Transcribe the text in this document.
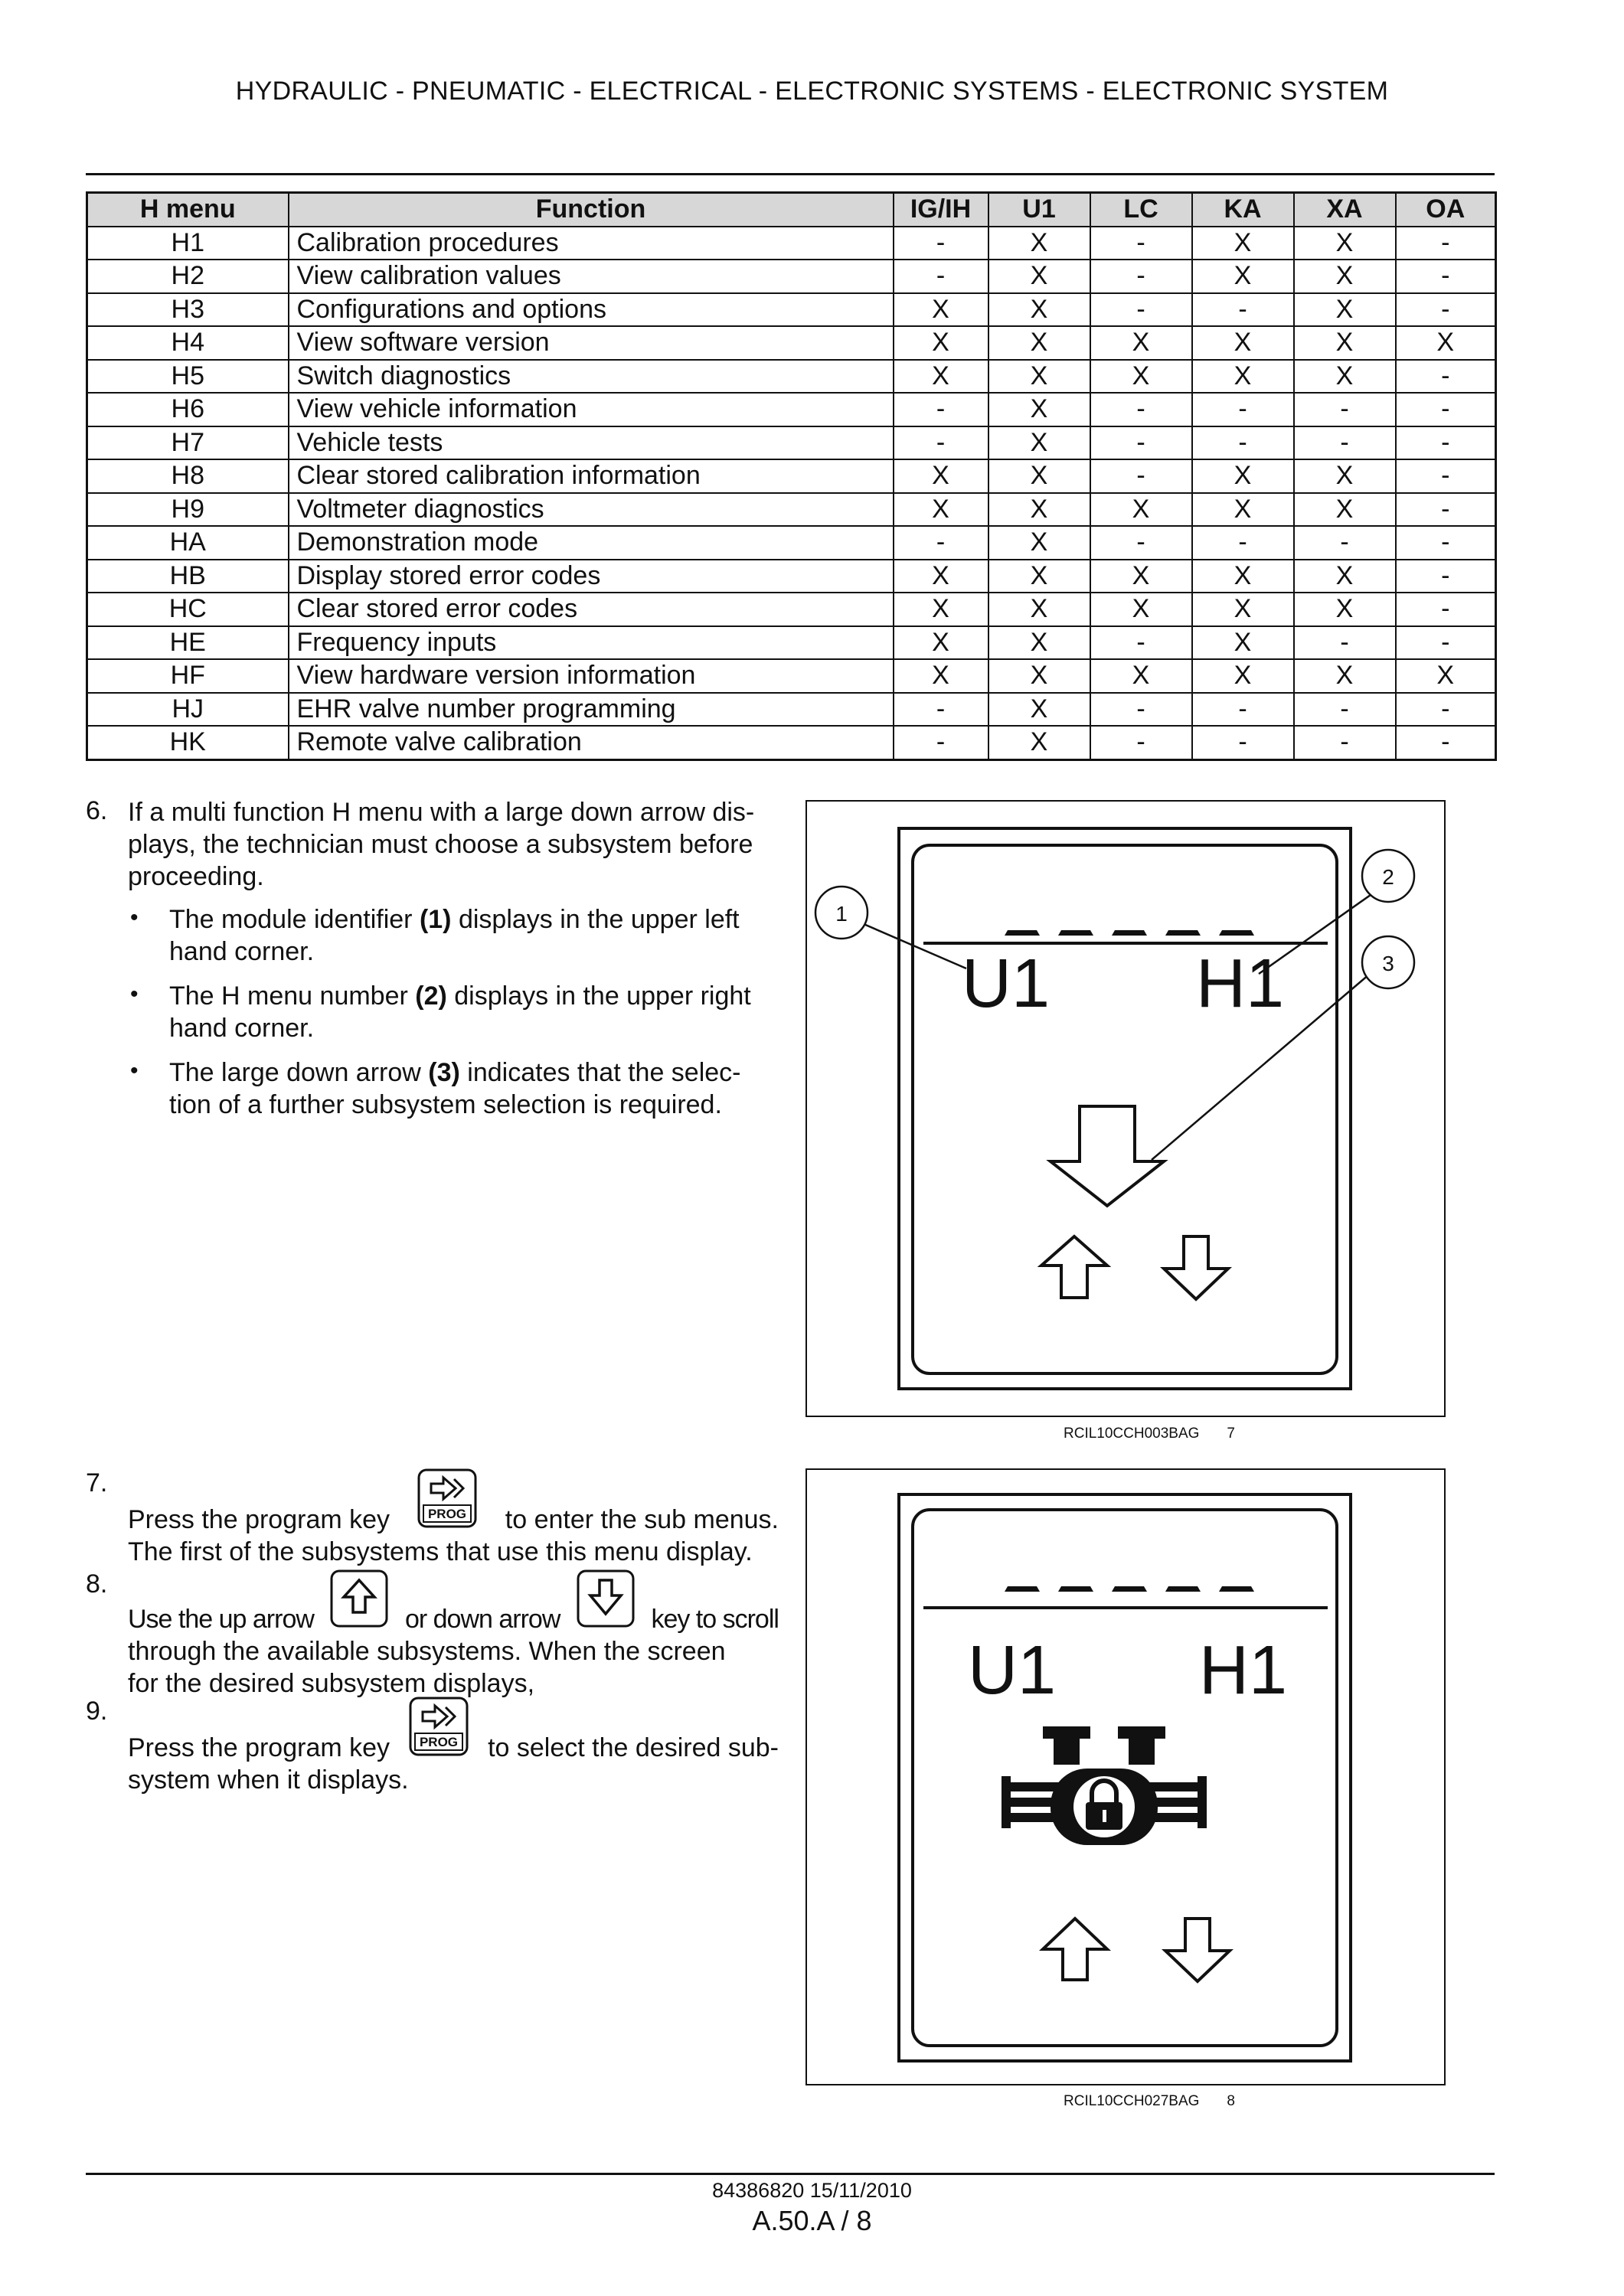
HYDRAULIC - PNEUMATIC - ELECTRICAL - ELECTRONIC SYSTEMS - ELECTRONIC SYSTEM
H menu	Function	IG/IH	U1	LC	KA	XA	OA
H1	Calibration procedures	-	X	-	X	X	-
H2	View calibration values	-	X	-	X	X	-
H3	Configurations and options	X	X	-	-	X	-
H4	View software version	X	X	X	X	X	X
H5	Switch diagnostics	X	X	X	X	X	-
H6	View vehicle information	-	X	-	-	-	-
H7	Vehicle tests	-	X	-	-	-	-
H8	Clear stored calibration information	X	X	-	X	X	-
H9	Voltmeter diagnostics	X	X	X	X	X	-
HA	Demonstration mode	-	X	-	-	-	-
HB	Display stored error codes	X	X	X	X	X	-
HC	Clear stored error codes	X	X	X	X	X	-
HE	Frequency inputs	X	X	-	X	-	-
HF	View hardware version information	X	X	X	X	X	X
HJ	EHR valve number programming	-	X	-	-	-	-
HK	Remote valve calibration	-	X	-	-	-	-
6. If a multi function H menu with a large down arrow dis-
plays, the technician must choose a subsystem before
proceeding.
• The module identifier (1) displays in the upper left
hand corner.
• The H menu number (2) displays in the upper right
hand corner.
• The large down arrow (3) indicates that the selec-
tion of a further subsystem selection is required.
U1 H1
1
2
3
RCIL10CCH003BAG 7
7.
Press the program key	PROG to enter the sub menus.
The first of the subsystems that use this menu display.
8.
Use the up arrow	or down arrow	key to scroll
through the available subsystems. When the screen
for the desired subsystem displays,
9.
Press the program key PROG to select the desired sub-
system when it displays.
U1 H1
RCIL10CCH027BAG 8
84386820 15/11/2010
A.50.A / 8
